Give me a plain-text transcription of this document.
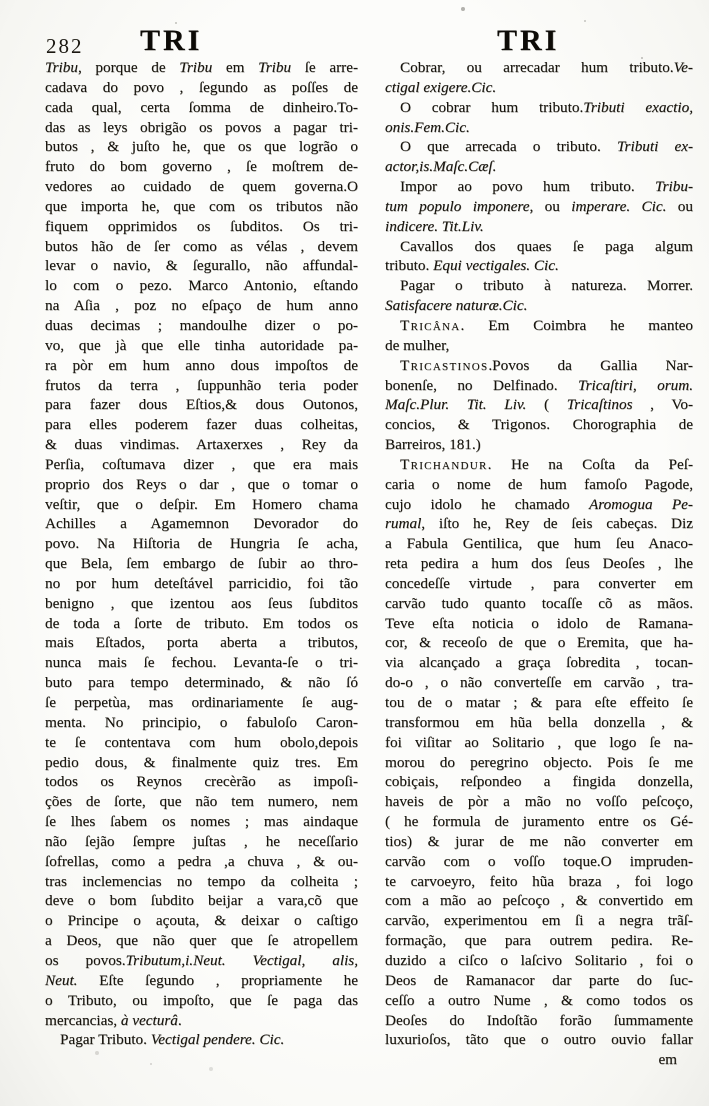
282 TRI	TRI
Tribu, porque de Tribu em Tribu ſe arre-
cadava do povo , ſegundo as poſſes de
cada qual, certa ſomma de dinheiro.To-
das as leys obrigão os povos a pagar tri-
butos , & juſto he, que os que logrão o
fruto do bom governo , ſe moſtrem de-
vedores ao cuidado de quem governa.O
que importa he, que com os tributos não
fiquem opprimidos os ſubditos. Os tri-
butos hão de ſer como as vélas , devem
levar o navio, & ſegurallo, não affundal-
lo com o pezo. Marco Antonio, eſtando
na Aſia , poz no eſpaço de hum anno
duas decimas ; mandoulhe dizer o po-
vo, que jà que elle tinha autoridade pa-
ra pòr em hum anno dous impoſtos de
frutos da terra , ſuppunhão teria poder
para fazer dous Eſtios,& dous Outonos,
para elles poderem fazer duas colheitas,
& duas vindimas. Artaxerxes , Rey da
Perſia, coſtumava dizer , que era mais
proprio dos Reys o dar , que o tomar o
veſtir, que o deſpir. Em Homero chama
Achilles a Agamemnon Devorador do
povo. Na Hiſtoria de Hungria ſe acha,
que Bela, ſem embargo de ſubir ao thro-
no por hum deteſtável parricidio, foi tão
benigno , que izentou aos ſeus ſubditos
de toda a ſorte de tributo. Em todos os
mais Eſtados, porta aberta a tributos,
nunca mais ſe fechou. Levanta-ſe o tri-
buto para tempo determinado, & não ſó
ſe perpetùa, mas ordinariamente ſe aug-
menta. No principio, o fabuloſo Caron-
te ſe contentava com hum obolo,depois
pedio dous, & finalmente quiz tres. Em
todos os Reynos crecèrão as impoſi-
ções de ſorte, que não tem numero, nem
ſe lhes ſabem os nomes ; mas aindaque
não ſejão ſempre juſtas , he neceſſario
ſofrellas, como a pedra ,a chuva , & ou-
tras inclemencias no tempo da colheita ;
deve o bom ſubdito beijar a vara,cõ que
o Principe o açouta, & deixar o caſtigo
a Deos, que não quer que ſe atropellem
os povos.Tributum,i.Neut. Vectigal, alis,
Neut. Eſte ſegundo , propriamente he
o Tributo, ou impoſto, que ſe paga das
mercancias, à vecturâ.
Pagar Tributo. Vectigal pendere. Cic.
Cobrar, ou arrecadar hum tributo.Ve-
ctigal exigere.Cic.
O cobrar hum tributo.Tributi exactio,
onis.Fem.Cic.
O que arrecada o tributo. Tributi ex-
actor,is.Maſc.Cæſ.
Impor ao povo hum tributo. Tribu-
tum populo imponere, ou imperare. Cic. ou
indicere. Tit.Liv.
Cavallos dos quaes ſe paga algum
tributo. Equi vectigales. Cic.
Pagar o tributo à natureza. Morrer.
Satisfacere naturæ.Cic.
Tricâna. Em Coimbra he manteo
de mulher,
Tricastinos.Povos da Gallia Nar-
bonenſe, no Delfinado. Tricaſtiri, orum.
Maſc.Plur. Tit. Liv. ( Tricaſtinos , Vo-
concios, & Trigonos. Chorographia de
Barreiros, 181.)
Trichandur. He na Coſta da Peſ-
caria o nome de hum famoſo Pagode,
cujo idolo he chamado Aromogua Pe-
rumal, iſto he, Rey de ſeis cabeças. Diz
a Fabula Gentilica, que hum ſeu Anaco-
reta pedira a hum dos ſeus Deoſes , lhe
concedeſſe virtude , para converter em
carvão tudo quanto tocaſſe cõ as mãos.
Teve eſta noticia o idolo de Ramana-
cor, & receoſo de que o Eremita, que ha-
via alcançado a graça ſobredita , tocan-
do-o , o não converteſſe em carvão , tra-
tou de o matar ; & para eſte effeito ſe
transformou em hũa bella donzella , &
foi viſitar ao Solitario , que logo ſe na-
morou do peregrino objecto. Pois ſe me
cobiçais, reſpondeo a fingida donzella,
haveis de pòr a mão no voſſo peſcoço,
( he formula de juramento entre os Gé-
tios) & jurar de me não converter em
carvão com o voſſo toque.O impruden-
te carvoeyro, feito hũa braza , foi logo
com a mão ao peſcoço , & convertido em
carvão, experimentou em ſi a negra trãſ-
formação, que para outrem pedira. Re-
duzido a ciſco o laſcivo Solitario , foi o
Deos de Ramanacor dar parte do ſuc-
ceſſo a outro Nume , & como todos os
Deoſes do Indoſtão forão ſummamente
luxurioſos, tãto que o outro ouvio fallar
em
